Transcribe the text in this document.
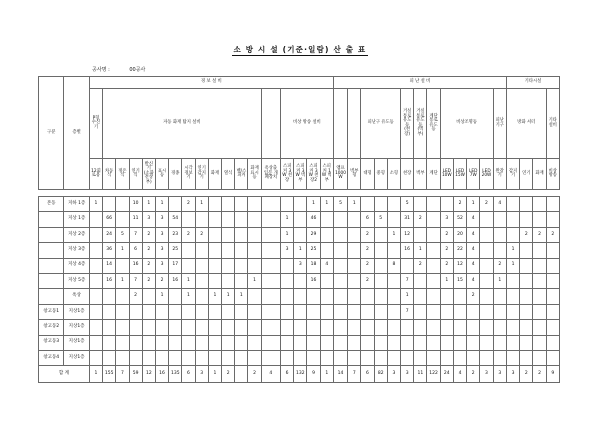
소 방 시 설 (기준·일람) 산 출 표
공사명 :	00공사
구분	층별	경 보 설 비																		피 난 설 비													기타시설			
		P형 수신기	자동 화재 탐지 설비													비상 방송 설비						피난구 유도등			거실통로 유도등 (천장)	거실통로 유도등 (벽부)	계단통로 유도등	비상조명등				피난 기구	방화 셔터			기타설비
		12회로용	차동식	정온식	연기식	발신기 (소화전상부)	표시등	경종	시각경보기	연기감지기	화재	열식	벨/스피커	화재 표시등	옥상출입문 개폐장치	스피커 3W 천장	스피커 3W 벽부	스피커 3W 천장2	스피커 1W 벽부	앰프 1000W	벽부형	대형	중형	소형	천장	벽부	계단	LED 10W	LED 15W	LED 7W	LED 20W	완강기	감지기	연기	화재	비상방송

본동	지하 1층	1			10	1	1		2	1								1	1	5	1				5				2	1	2	4				
	지상 1층		66		11	3	3	54								1		46				6	5		31	2		3	52	4						
	지상 2층		24	5	7	2	3	23	2	2						1		29				2		1	12			2	20	4				2	2	2
	지상 3층		36	1	6	2	3	25								3	1	25				2			16	1		2	22	4			1			
	지상 4층		14		16	2	3	17									3	18	4			2		8		2		2	12	4		2	1			
	지상 5층		16	1	7	2	2	16	1					1				16				2			7			1	15	4		1				
	옥상				2		1		1		1	1	1												1					2						
창고동1	지상1층																								7											
창고동2	지상1층																																			
창고동3	지상1층																																			
창고동4	지상1층																																			
합 계		1	155	7	59	12	16	135	6	3	1	2		2	4	6	132	9	1	14	7	6	82	3	3	11	122	24	4	2	3	3	3	2	2	9
